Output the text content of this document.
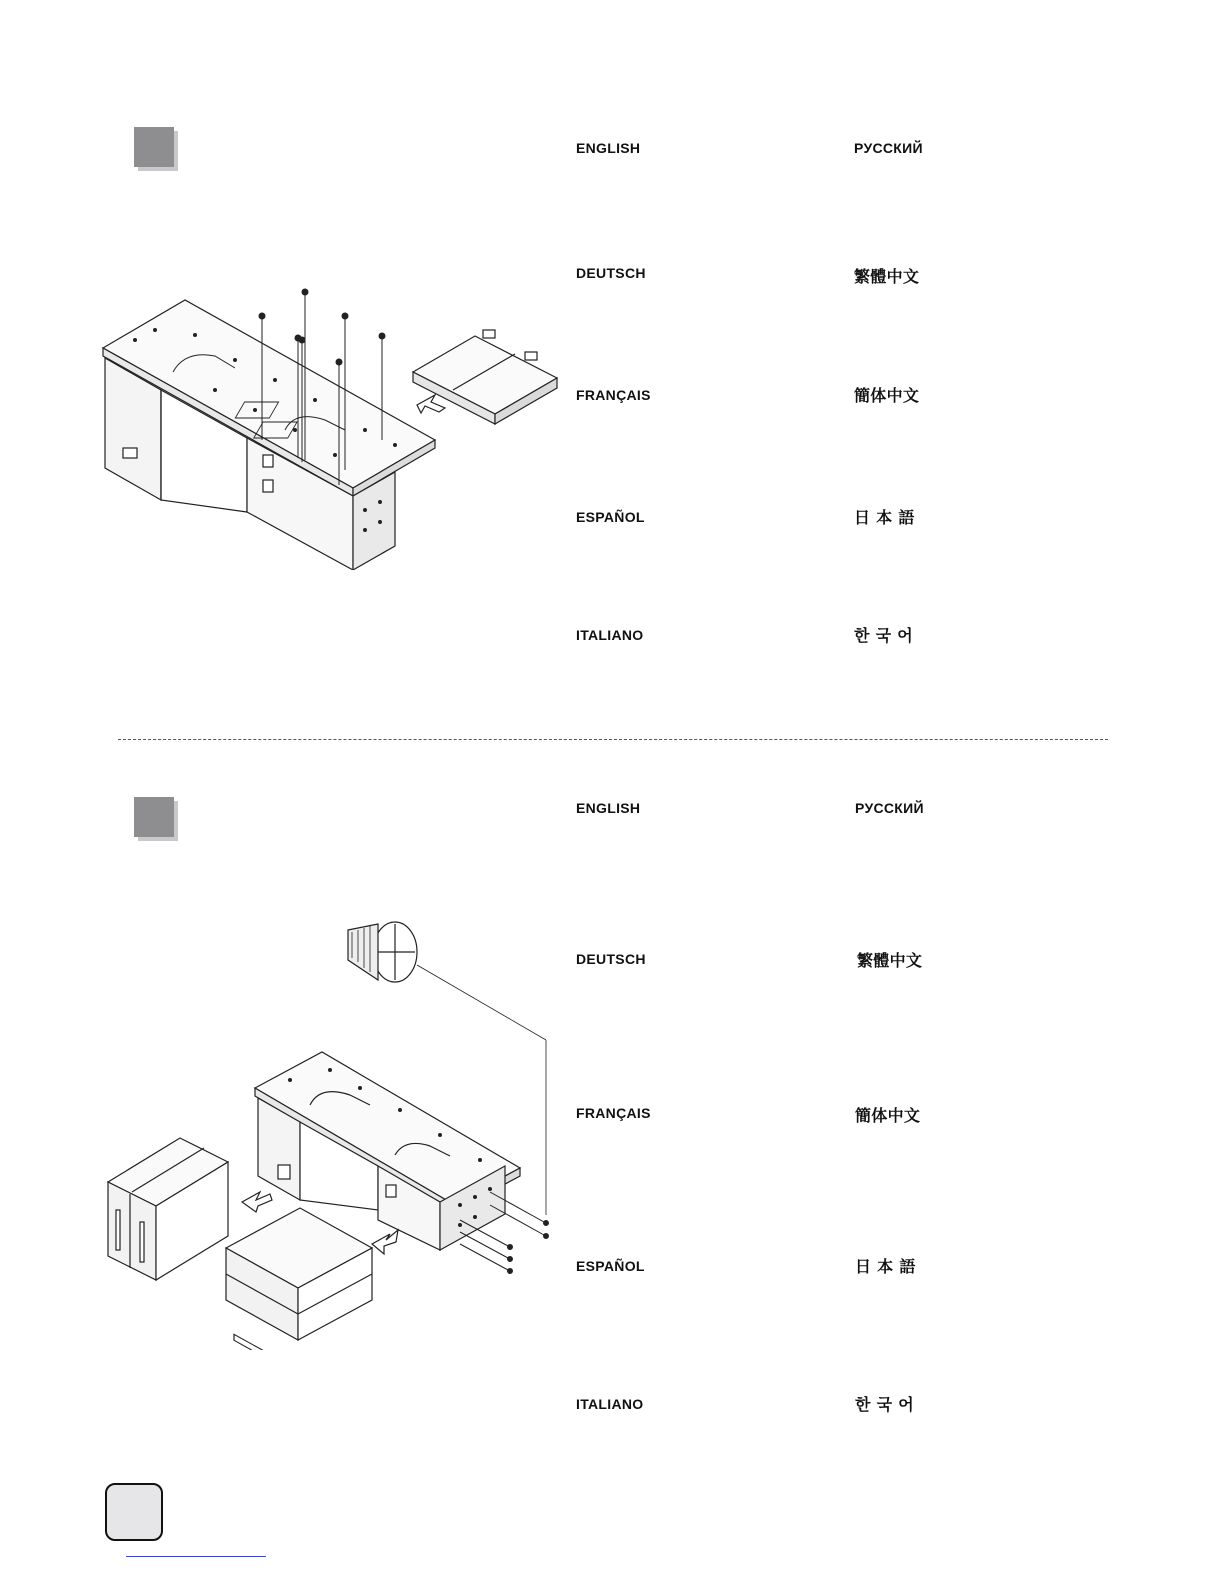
ENGLISH
DEUTSCH
FRANÇAIS
ESPAÑOL
ITALIANO
РУССКИЙ
繁體中文
簡体中文
日 本 語
한 국 어
ENGLISH
DEUTSCH
FRANÇAIS
ESPAÑOL
ITALIANO
РУССКИЙ
繁體中文
簡体中文
日 本 語
한 국 어
